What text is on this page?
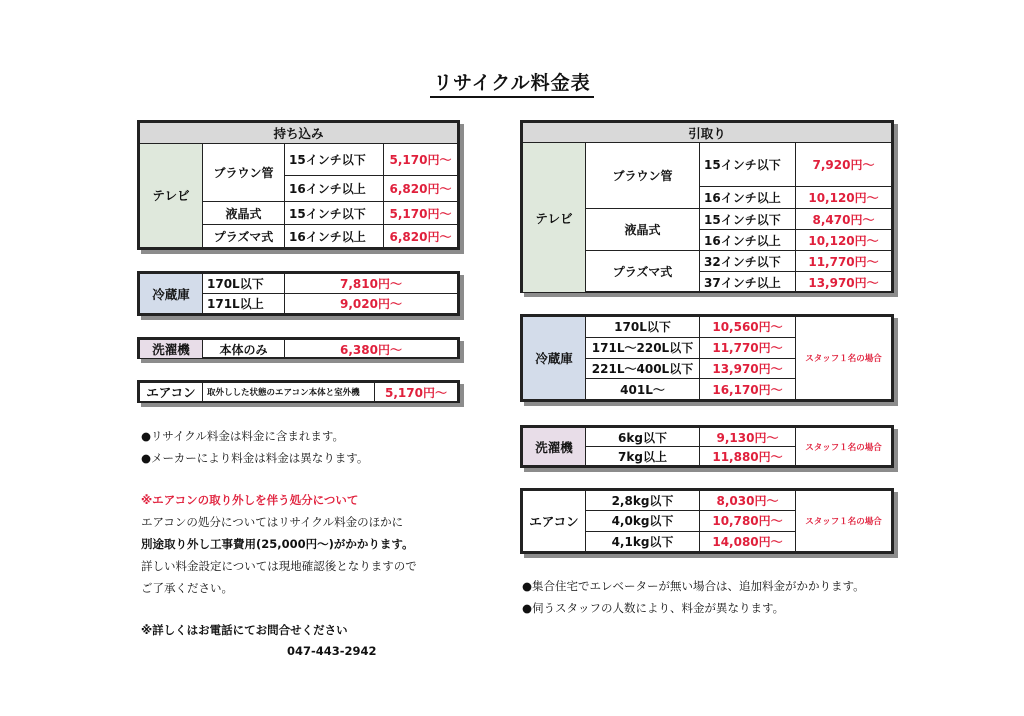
リサイクル料金表
持ち込み			
テレビ	ブラウン管	15インチ以下	5,170円～
		16インチ以上	6,820円～
	液晶式	15インチ以下	5,170円～
	プラズマ式	16インチ以上	6,820円～
冷蔵庫	170L以下	7,810円～
	171L以上	9,020円～
洗濯機	本体のみ	6,380円～
エアコン	取外しした状態のエアコン本体と室外機	5,170円～
●リサイクル料金は料金に含まれます。
●メーカーにより料金は料金は異なります。
※エアコンの取り外しを伴う処分について
エアコンの処分についてはリサイクル料金のほかに
別途取り外し工事費用(25,000円～)がかかります。
詳しい料金設定については現地確認後となりますので
ご了承ください。
※詳しくはお電話にてお問合せください
047-443-2942
引取り			
テレビ	ブラウン管	15インチ以下	7,920円～
		16インチ以上	10,120円～
	液晶式	15インチ以下	8,470円～
		16インチ以上	10,120円～
	プラズマ式	32インチ以下	11,770円～
		37インチ以上	13,970円～
冷蔵庫	170L以下	10,560円～	スタッフ１名の場合
	171L～220L以下	11,770円～	
	221L～400L以下	13,970円～	
	401L～	16,170円～	
洗濯機	6kg以下	9,130円～	スタッフ１名の場合
	7kg以上	11,880円～	
エアコン	2,8kg以下	8,030円～	スタッフ１名の場合
	4,0kg以下	10,780円～	
	4,1kg以下	14,080円～	
●集合住宅でエレベーターが無い場合は、追加料金がかかります。
●伺うスタッフの人数により、料金が異なります。
